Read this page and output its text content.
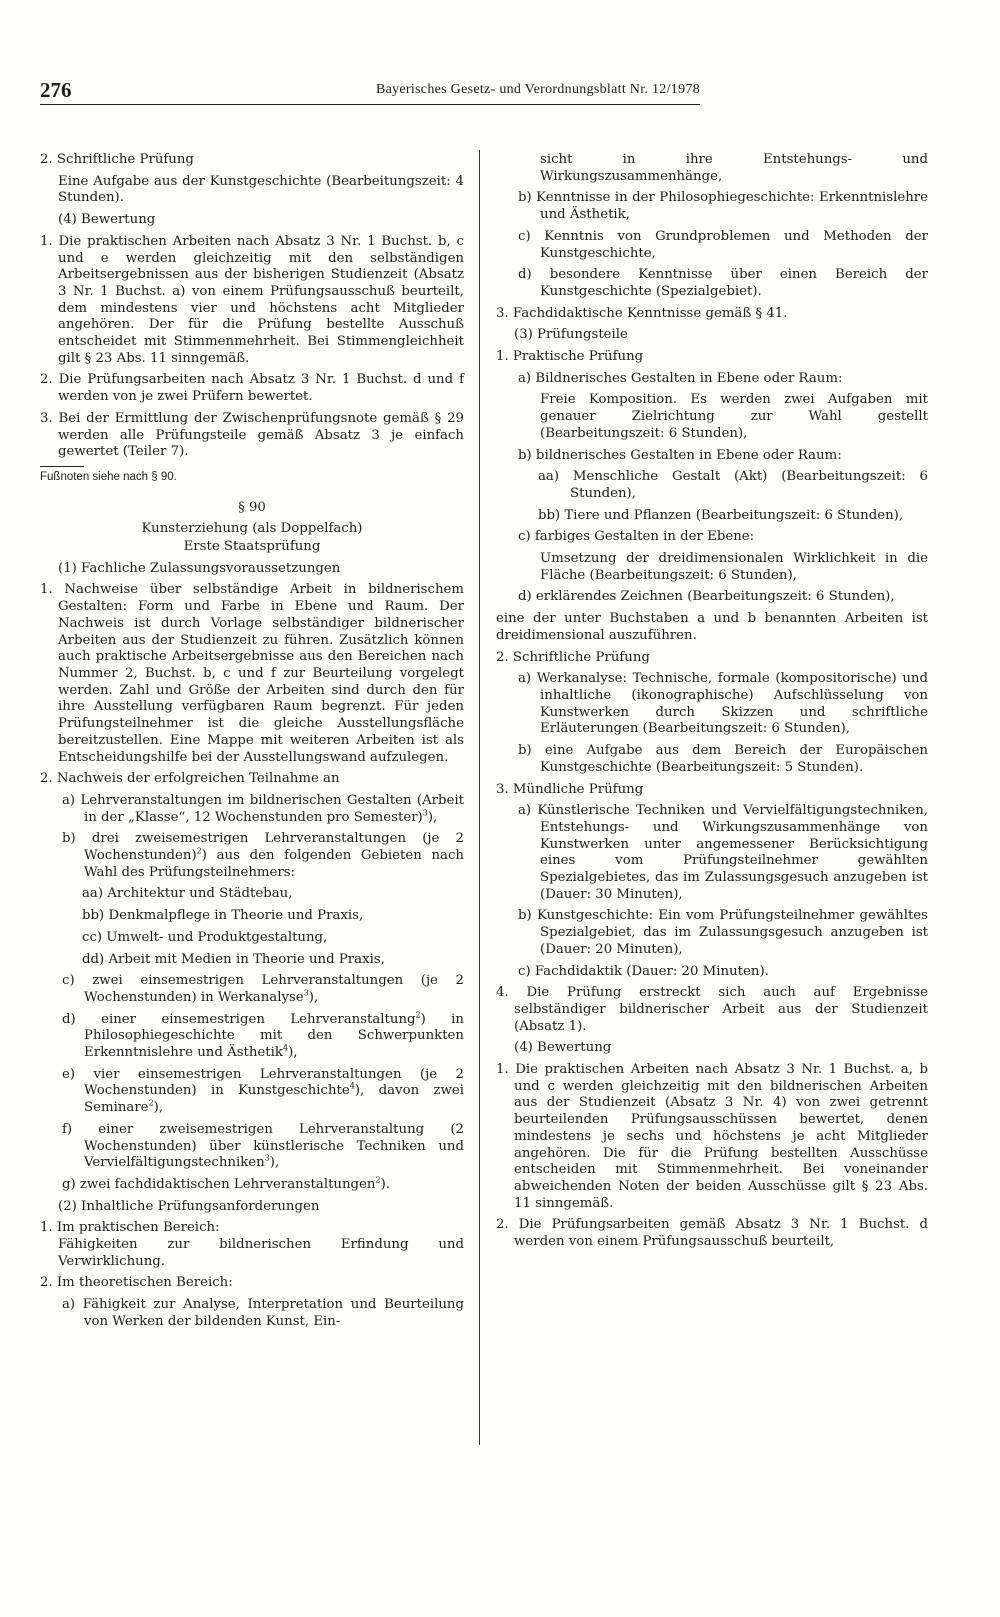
276	Bayerisches Gesetz- und Verordnungsblatt Nr. 12/1978

2. Schriftliche Prüfung

Eine Aufgabe aus der Kunstgeschichte (Bearbeitungszeit: 4 Stunden).

(4) Bewertung

1. Die praktischen Arbeiten nach Absatz 3 Nr. 1 Buchst. b, c und e werden gleichzeitig mit den selbständigen Arbeitsergebnissen aus der bisherigen Studienzeit (Absatz 3 Nr. 1 Buchst. a) von einem Prüfungsausschuß beurteilt, dem mindestens vier und höchstens acht Mitglieder angehören. Der für die Prüfung bestellte Ausschuß entscheidet mit Stimmenmehrheit. Bei Stimmengleichheit gilt § 23 Abs. 11 sinngemäß.

2. Die Prüfungsarbeiten nach Absatz 3 Nr. 1 Buchst. d und f werden von je zwei Prüfern bewertet.

3. Bei der Ermittlung der Zwischenprüfungsnote gemäß § 29 werden alle Prüfungsteile gemäß Absatz 3 je einfach gewertet (Teiler 7).

Fußnoten siehe nach § 90.

§ 90

Kunsterziehung (als Doppelfach)

Erste Staatsprüfung

(1) Fachliche Zulassungsvoraussetzungen

1. Nachweise über selbständige Arbeit in bildnerischem Gestalten: Form und Farbe in Ebene und Raum. Der Nachweis ist durch Vorlage selbständiger bildnerischer Arbeiten aus der Studienzeit zu führen. Zusätzlich können auch praktische Arbeitsergebnisse aus den Bereichen nach Nummer 2, Buchst. b, c und f zur Beurteilung vorgelegt werden. Zahl und Größe der Arbeiten sind durch den für ihre Ausstellung verfügbaren Raum begrenzt. Für jeden Prüfungsteilnehmer ist die gleiche Ausstellungsfläche bereitzustellen. Eine Mappe mit weiteren Arbeiten ist als Entscheidungshilfe bei der Ausstellungswand aufzulegen.

2. Nachweis der erfolgreichen Teilnahme an

a) Lehrveranstaltungen im bildnerischen Gestalten (Arbeit in der „Klasse“, 12 Wochenstunden pro Semester)$^3$),

b) drei zweisemestrigen Lehrveranstaltungen (je 2 Wochenstunden)$^2$) aus den folgenden Gebieten nach Wahl des Prüfungsteilnehmers:

aa) Architektur und Städtebau,

bb) Denkmalpflege in Theorie und Praxis,

cc) Umwelt- und Produktgestaltung,

dd) Arbeit mit Medien in Theorie und Praxis,

c) zwei einsemestrigen Lehrveranstaltungen (je 2 Wochenstunden) in Werkanalyse$^3$),

d) einer einsemestrigen Lehrveranstaltung$^2$) in Philosophiegeschichte mit den Schwerpunkten Erkenntnislehre und Ästhetik$^4$),

e) vier einsemestrigen Lehrveranstaltungen (je 2 Wochenstunden) in Kunstgeschichte$^4$), davon zwei Seminare$^2$),

f) einer zweisemestrigen Lehrveranstaltung (2 Wochenstunden) über künstlerische Techniken und Vervielfältigungstechniken$^3$),

g) zwei fachdidaktischen Lehrveranstaltungen$^2$).

(2) Inhaltliche Prüfungsanforderungen

1. Im praktischen Bereich:

Fähigkeiten zur bildnerischen Erfindung und Verwirklichung.

2. Im theoretischen Bereich:

a) Fähigkeit zur Analyse, Interpretation und Beurteilung von Werken der bildenden Kunst, Ein-

sicht in ihre Entstehungs- und Wirkungszusammenhänge,

b) Kenntnisse in der Philosophiegeschichte: Erkenntnislehre und Ästhetik,

c) Kenntnis von Grundproblemen und Methoden der Kunstgeschichte,

d) besondere Kenntnisse über einen Bereich der Kunstgeschichte (Spezialgebiet).

3. Fachdidaktische Kenntnisse gemäß § 41.

(3) Prüfungsteile

1. Praktische Prüfung

a) Bildnerisches Gestalten in Ebene oder Raum:

Freie Komposition. Es werden zwei Aufgaben mit genauer Zielrichtung zur Wahl gestellt (Bearbeitungszeit: 6 Stunden),

b) bildnerisches Gestalten in Ebene oder Raum:

aa) Menschliche Gestalt (Akt) (Bearbeitungszeit: 6 Stunden),

bb) Tiere und Pflanzen (Bearbeitungszeit: 6 Stunden),

c) farbiges Gestalten in der Ebene:

Umsetzung der dreidimensionalen Wirklichkeit in die Fläche (Bearbeitungszeit: 6 Stunden),

d) erklärendes Zeichnen (Bearbeitungszeit: 6 Stunden),

eine der unter Buchstaben a und b benannten Arbeiten ist dreidimensional auszuführen.

2. Schriftliche Prüfung

a) Werkanalyse: Technische, formale (kompositorische) und inhaltliche (ikonographische) Aufschlüsselung von Kunstwerken durch Skizzen und schriftliche Erläuterungen (Bearbeitungszeit: 6 Stunden),

b) eine Aufgabe aus dem Bereich der Europäischen Kunstgeschichte (Bearbeitungszeit: 5 Stunden).

3. Mündliche Prüfung

a) Künstlerische Techniken und Vervielfältigungstechniken, Entstehungs- und Wirkungszusammenhänge von Kunstwerken unter angemessener Berücksichtigung eines vom Prüfungsteilnehmer gewählten Spezialgebietes, das im Zulassungsgesuch anzugeben ist (Dauer: 30 Minuten),

b) Kunstgeschichte: Ein vom Prüfungsteilnehmer gewähltes Spezialgebiet, das im Zulassungsgesuch anzugeben ist (Dauer: 20 Minuten),

c) Fachdidaktik (Dauer: 20 Minuten).

4. Die Prüfung erstreckt sich auch auf Ergebnisse selbständiger bildnerischer Arbeit aus der Studienzeit (Absatz 1).

(4) Bewertung

1. Die praktischen Arbeiten nach Absatz 3 Nr. 1 Buchst. a, b und c werden gleichzeitig mit den bildnerischen Arbeiten aus der Studienzeit (Absatz 3 Nr. 4) von zwei getrennt beurteilenden Prüfungsausschüssen bewertet, denen mindestens je sechs und höchstens je acht Mitglieder angehören. Die für die Prüfung bestellten Ausschüsse entscheiden mit Stimmenmehrheit. Bei voneinander abweichenden Noten der beiden Ausschüsse gilt § 23 Abs. 11 sinngemäß.

2. Die Prüfungsarbeiten gemäß Absatz 3 Nr. 1 Buchst. d werden von einem Prüfungsausschuß beurteilt,
